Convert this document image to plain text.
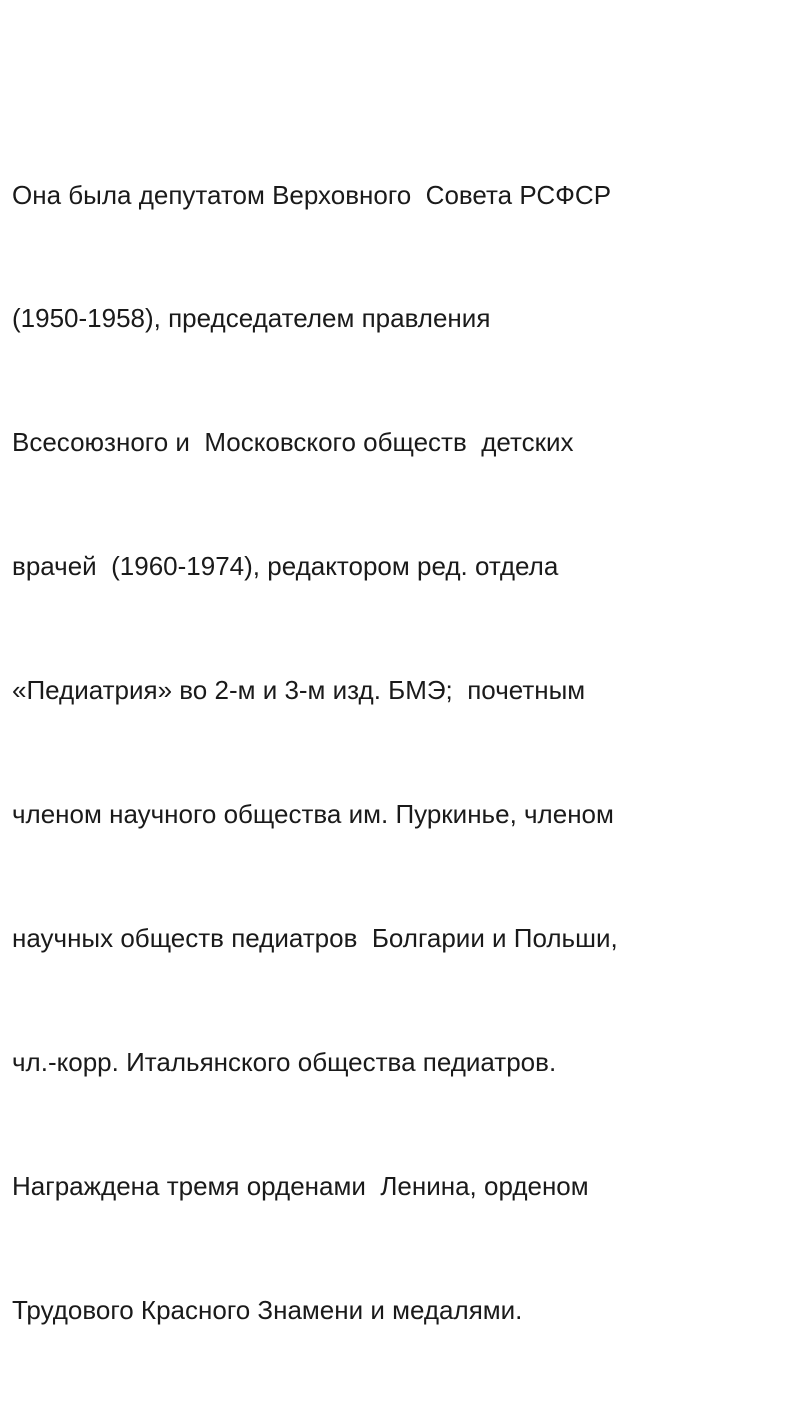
Она была депутатом Верховного  Совета РСФСР

(1950-1958), председателем правления

Всесоюзного и  Московского обществ  детских

врачей  (1960-1974), редактором ред. отдела

«Педиатрия» во 2-м и 3-м изд. БМЭ;  почетным

членом научного общества им. Пуркинье, членом

научных обществ педиатров  Болгарии и Польши,

чл.-корр. Итальянского общества педиатров.

Награждена тремя орденами  Ленина, орденом

Трудового Красного Знамени и медалями.
